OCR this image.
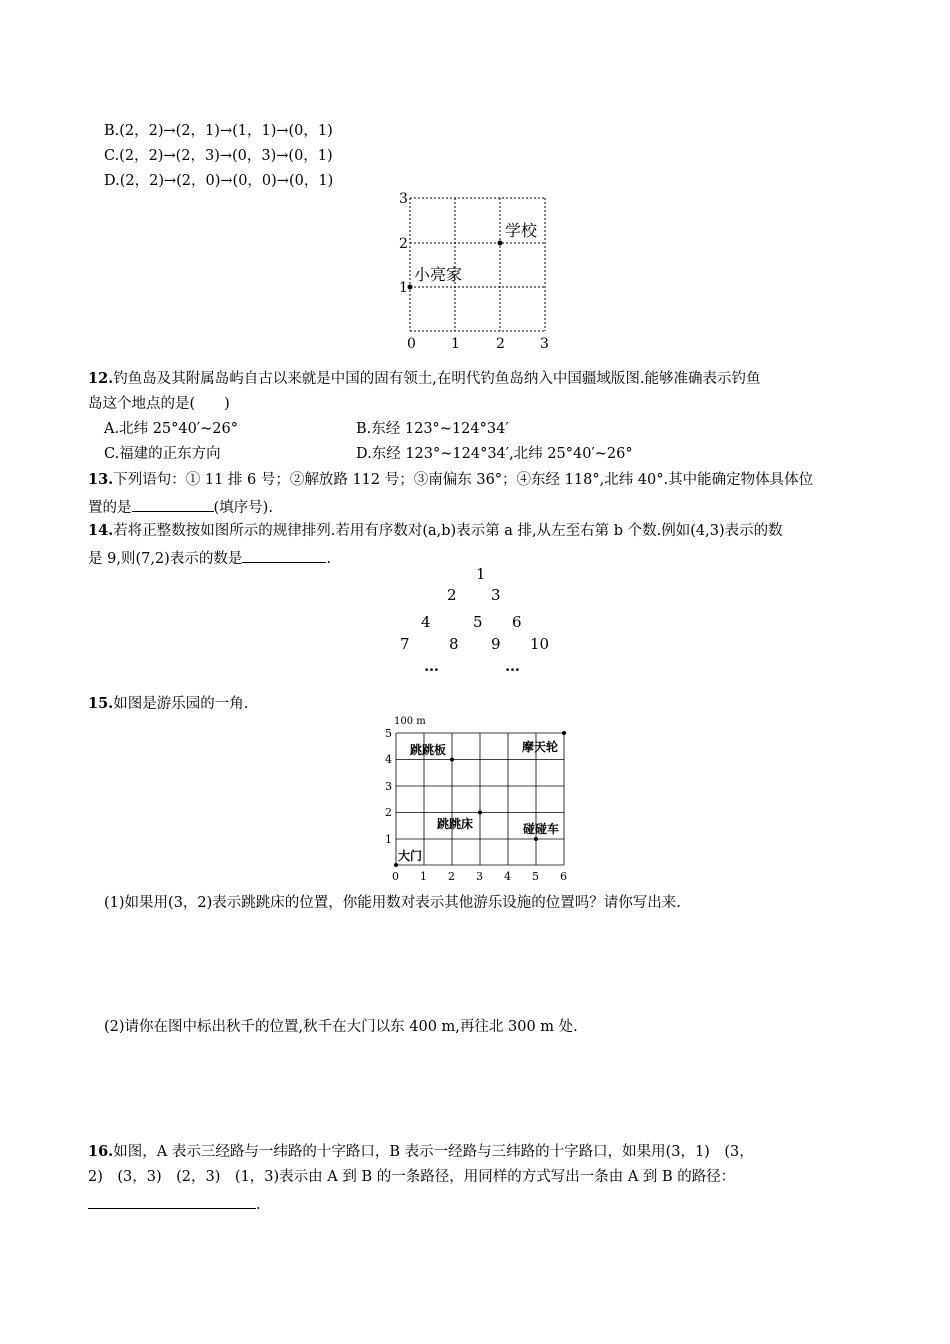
B.(2，2)→(2，1)→(1，1)→(0，1)
C.(2，2)→(2，3)→(0，3)→(0，1)
D.(2，2)→(2，0)→(0，0)→(0，1)
学校
小亮家
3
2
1
0	1	2	3
12.钓鱼岛及其附属岛屿自古以来就是中国的固有领土,在明代钓鱼岛纳入中国疆域版图.能够准确表示钓鱼
岛这个地点的是(　　)
A.北纬 25°40′~26°	B.东经 123°~124°34′
C.福建的正东方向	D.东经 123°~124°34′,北纬 25°40′~26°
13.下列语句：① 11 排 6 号；②解放路 112 号；③南偏东 36°；④东经 118°,北纬 40°.其中能确定物体具体位
置的是	(填序号).
14.若将正整数按如图所示的规律排列.若用有序数对(a,b)表示第 a 排,从左至右第 b 个数.例如(4,3)表示的数
是 9,则(7,2)表示的数是	.
1
2 3
4	5 6
7	8 9 10
…	…
15.如图是游乐园的一角.
100 m
跳跳板	摩天轮
跳跳床	碰碰车
大门
5
4
3
2
1
0 1 2 3 4 5 6
(1)如果用(3，2)表示跳跳床的位置，你能用数对表示其他游乐设施的位置吗？请你写出来.
(2)请你在图中标出秋千的位置,秋千在大门以东 400 m,再往北 300 m 处.
16.如图，A 表示三经路与一纬路的十字路口，B 表示一经路与三纬路的十字路口，如果用(3，1)　(3，
2)　(3，3)　(2，3)　(1，3)表示由 A 到 B 的一条路径，用同样的方式写出一条由 A 到 B 的路径：
.
